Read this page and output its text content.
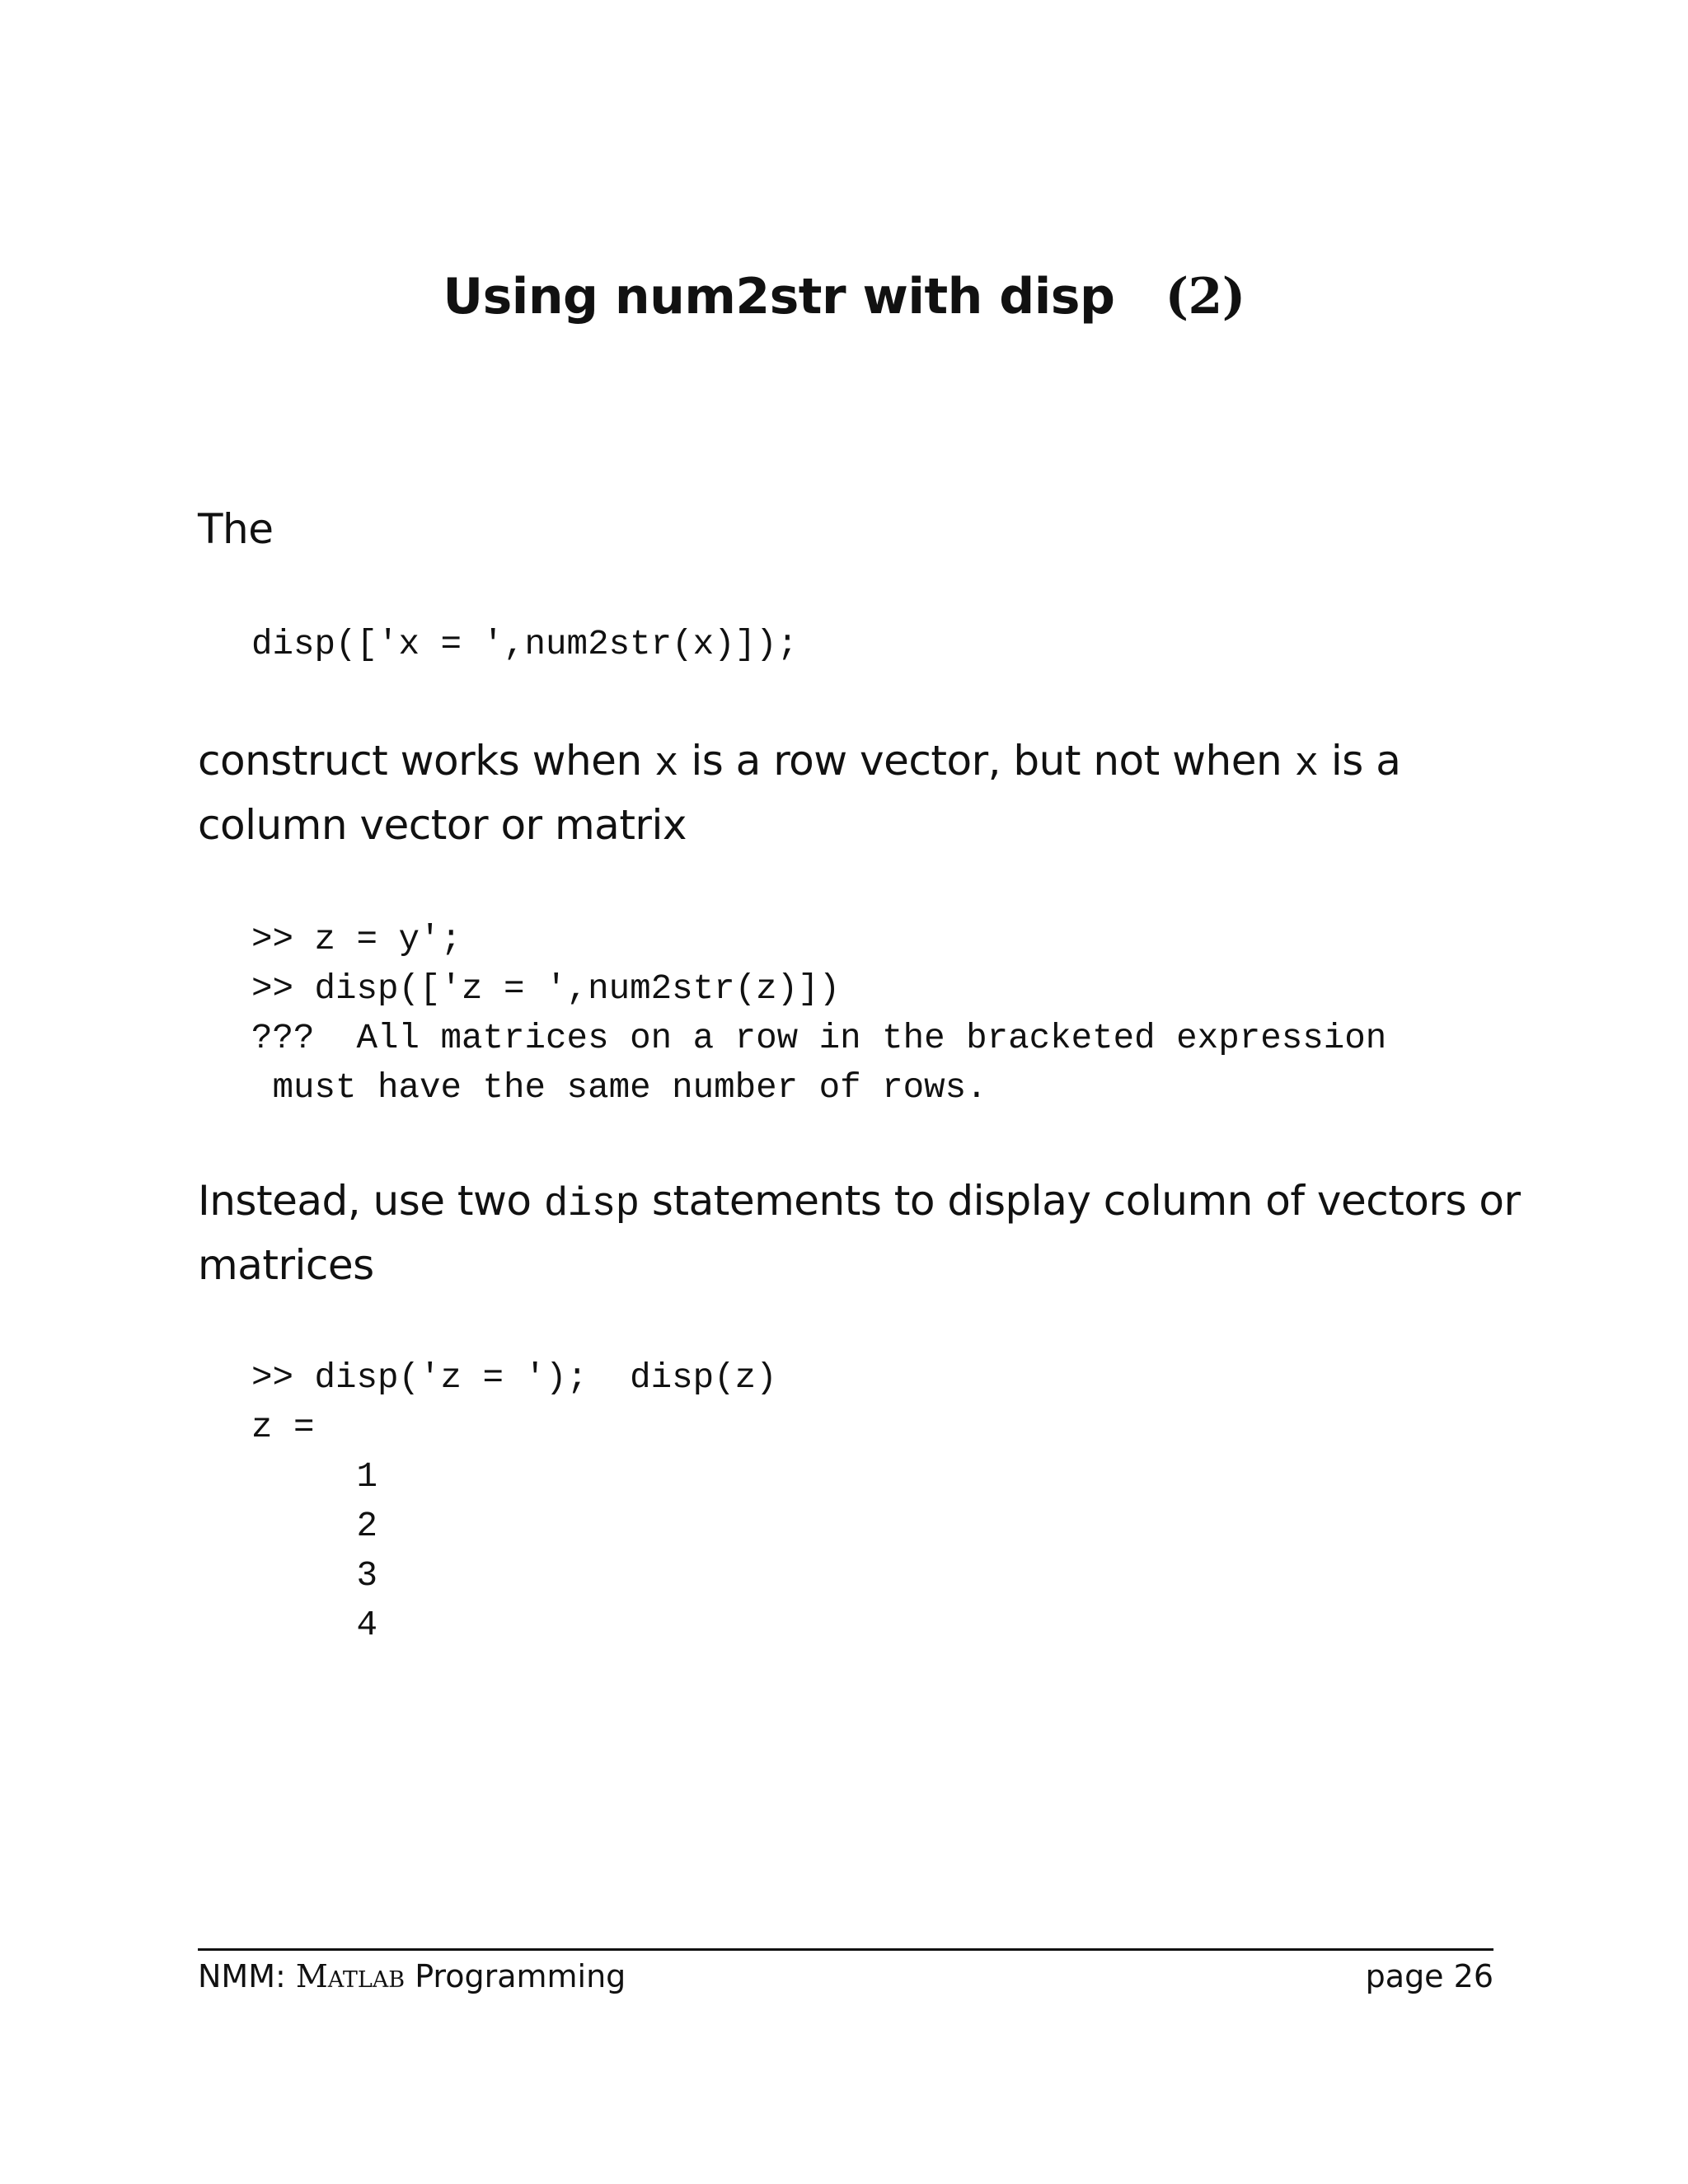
Using num2str with disp (2)
The
disp(['x = ',num2str(x)]);
construct works when x is a row vector, but not when x is a
column vector or matrix
>> z = y';
>> disp(['z = ',num2str(z)])
???  All matrices on a row in the bracketed expression
must have the same number of rows.
Instead, use two disp statements to display column of vectors or
matrices
>> disp('z = ');  disp(z)
z =
1
2
3
4
NMM: Matlab Programming	page 26
